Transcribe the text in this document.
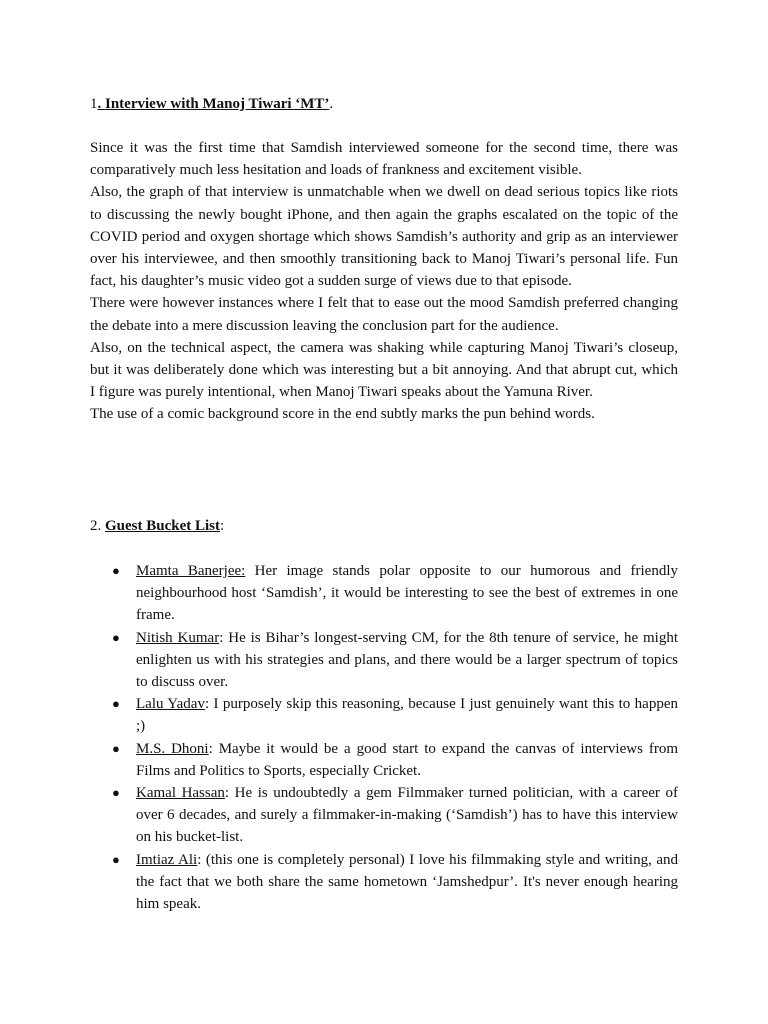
1. Interview with Manoj Tiwari ‘MT’.

Since it was the first time that Samdish interviewed someone for the second time, there was comparatively much less hesitation and loads of frankness and excitement visible.

Also, the graph of that interview is unmatchable when we dwell on dead serious topics like riots to discussing the newly bought iPhone, and then again the graphs escalated on the topic of the COVID period and oxygen shortage which shows Samdish’s authority and grip as an interviewer over his interviewee, and then smoothly transitioning back to Manoj Tiwari’s personal life. Fun fact, his daughter’s music video got a sudden surge of views due to that episode.

There were however instances where I felt that to ease out the mood Samdish preferred changing the debate into a mere discussion leaving the conclusion part for the audience.

Also, on the technical aspect, the camera was shaking while capturing Manoj Tiwari’s closeup, but it was deliberately done which was interesting but a bit annoying. And that abrupt cut, which I figure was purely intentional, when Manoj Tiwari speaks about the Yamuna River.

The use of a comic background score in the end subtly marks the pun behind words.

2. Guest Bucket List:
● Mamta Banerjee: Her image stands polar opposite to our humorous and friendly neighbourhood host ‘Samdish’, it would be interesting to see the best of extremes in one frame.
● Nitish Kumar: He is Bihar’s longest-serving CM, for the 8th tenure of service, he might enlighten us with his strategies and plans, and there would be a larger spectrum of topics to discuss over.
● Lalu Yadav: I purposely skip this reasoning, because I just genuinely want this to happen ;)
● M.S. Dhoni: Maybe it would be a good start to expand the canvas of interviews from Films and Politics to Sports, especially Cricket.
● Kamal Hassan: He is undoubtedly a gem Filmmaker turned politician, with a career of over 6 decades, and surely a filmmaker-in-making (‘Samdish’) has to have this interview on his bucket-list.
● Imtiaz Ali: (this one is completely personal) I love his filmmaking style and writing, and the fact that we both share the same hometown ‘Jamshedpur’. It's never enough hearing him speak.
